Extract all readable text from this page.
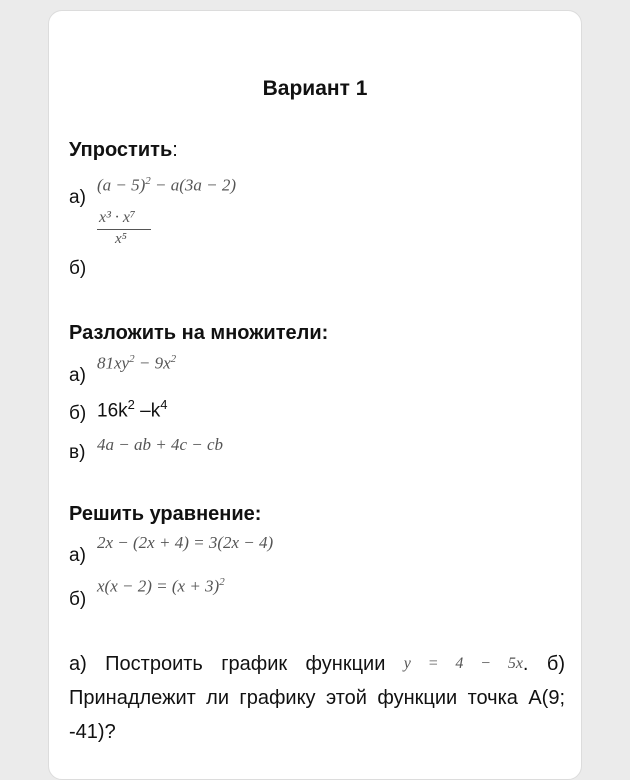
Вариант 1
Упростить:
а)
$(a - 5)^2 - a(3a - 2)$
x³ · x⁷
x⁵
б)
Разложить на множители:
а)
$81xy^2 - 9x^2$
б) $16k^2$ $-k^4$
в) 4a − ab + 4c − cb
Решить уравнение:
а)
2x − (2x + 4) = 3(2x − 4)
б)
$x(x - 2) = (x + 3)^2$
а) Построить график функции y = 4 − 5x. б) Принадлежит ли графику этой функции точка А(9; -41)?
